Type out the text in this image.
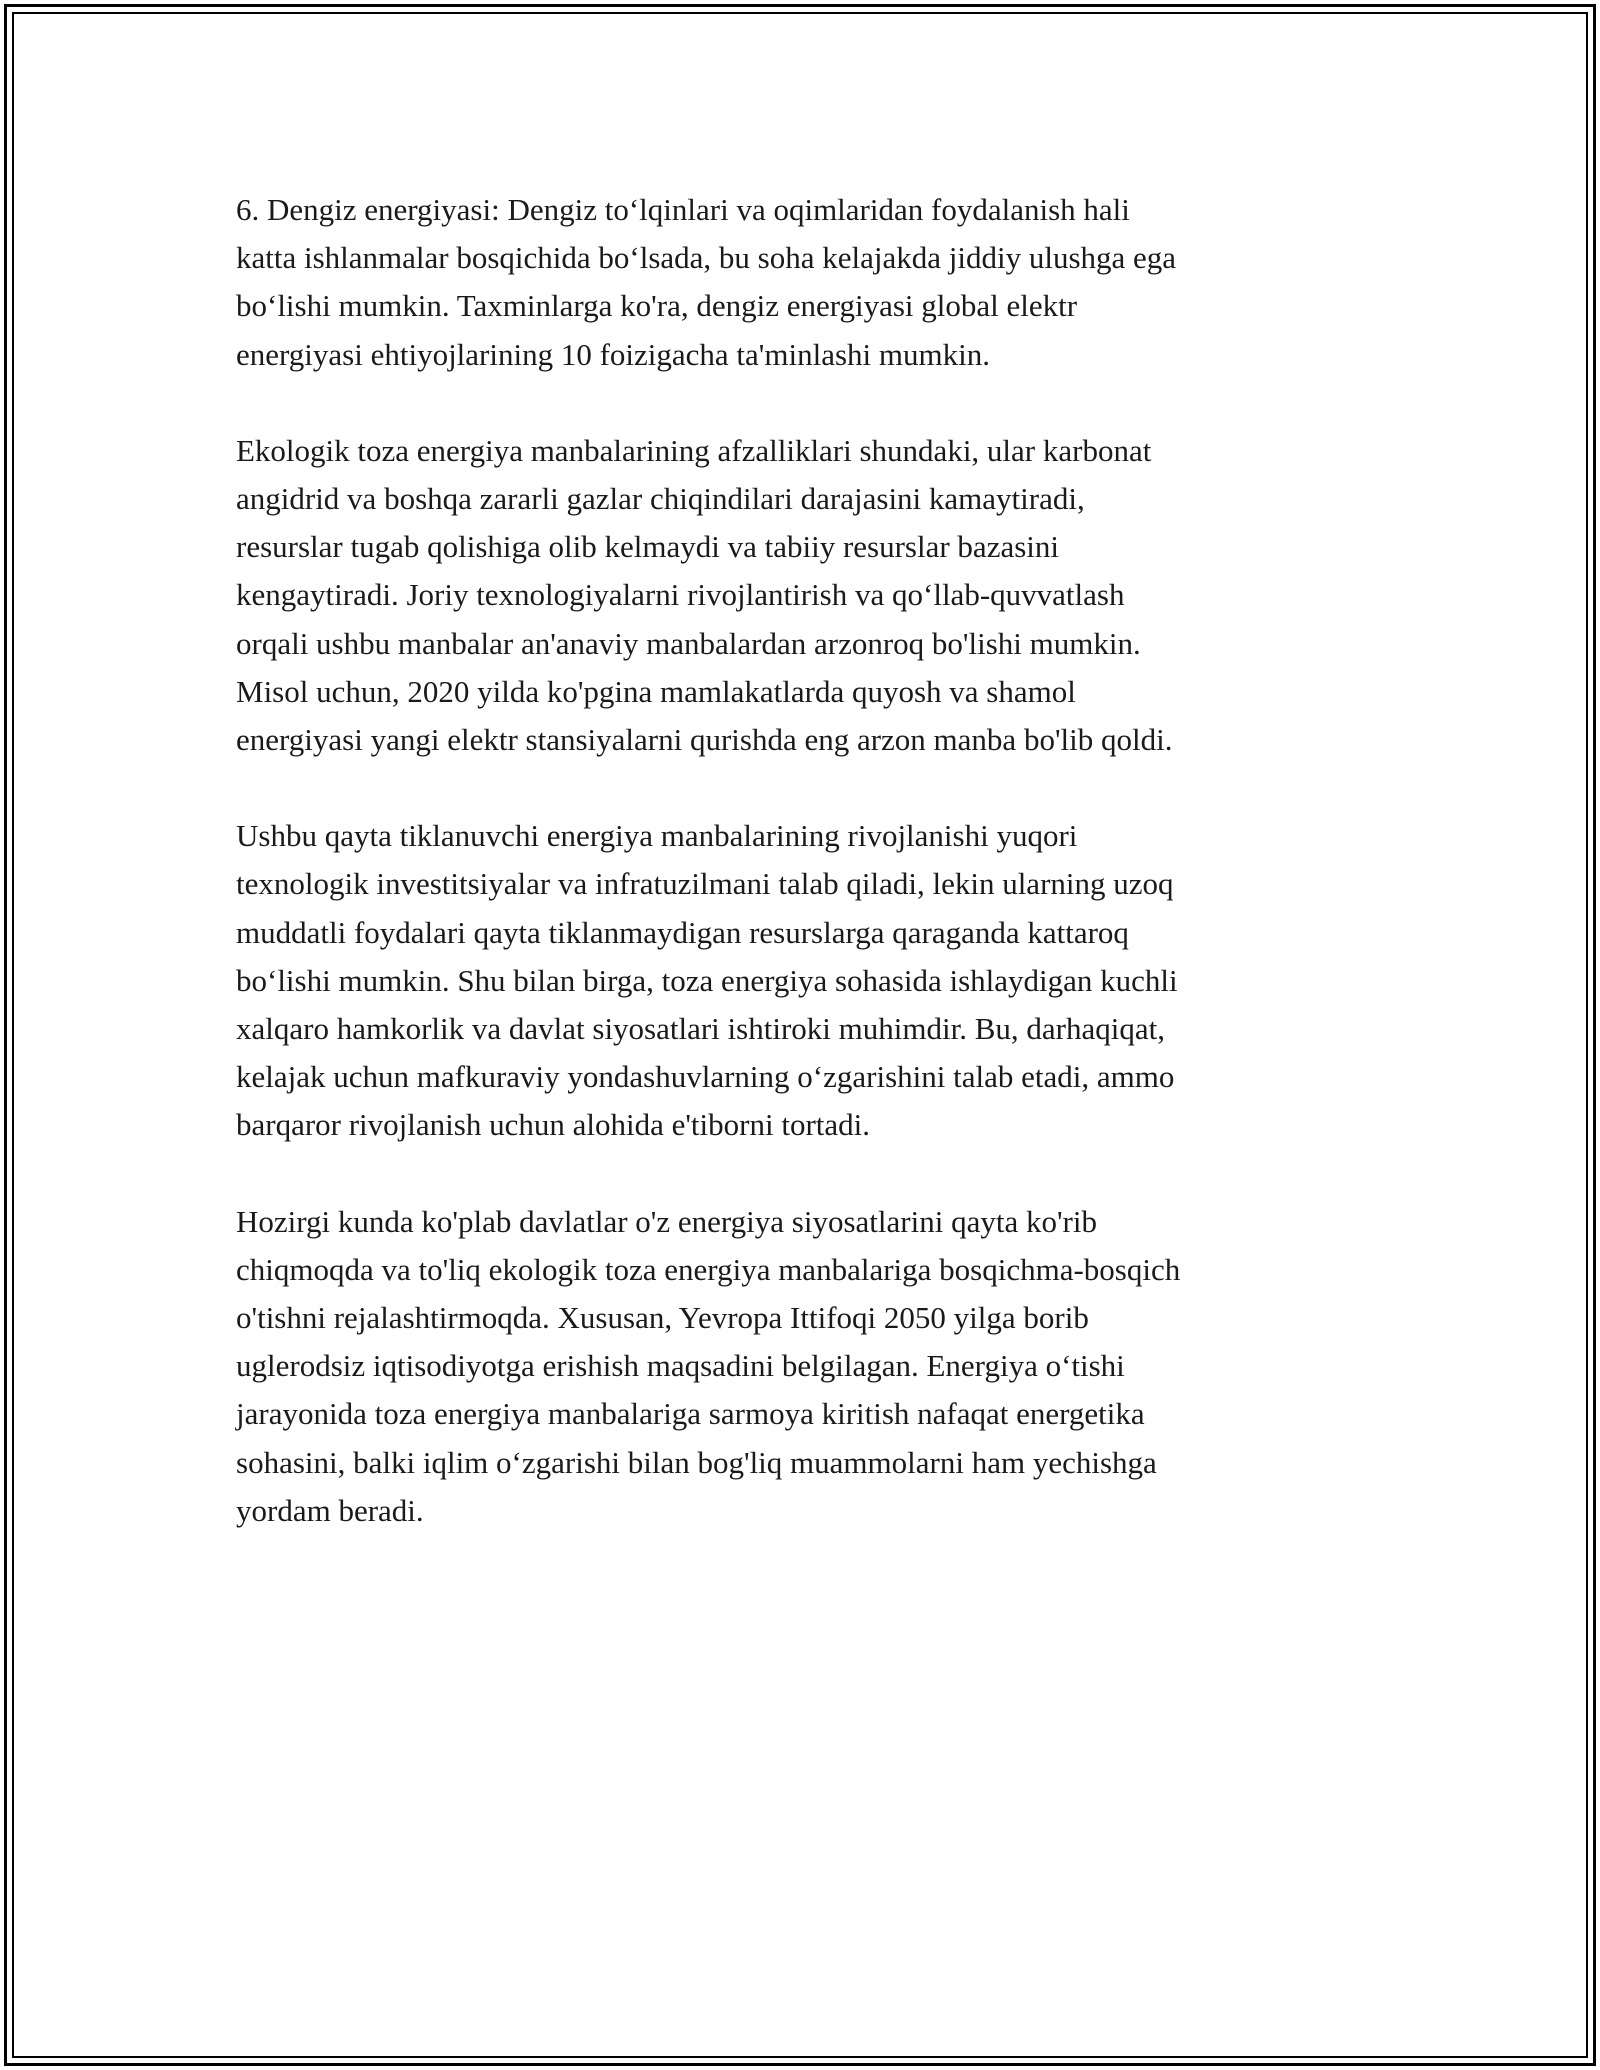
6. Dengiz energiyasi: Dengiz to‘lqinlari va oqimlaridan foydalanish hali
katta ishlanmalar bosqichida bo‘lsada, bu soha kelajakda jiddiy ulushga ega
bo‘lishi mumkin. Taxminlarga ko'ra, dengiz energiyasi global elektr
energiyasi ehtiyojlarining 10 foizigacha ta'minlashi mumkin.

Ekologik toza energiya manbalarining afzalliklari shundaki, ular karbonat
angidrid va boshqa zararli gazlar chiqindilari darajasini kamaytiradi,
resurslar tugab qolishiga olib kelmaydi va tabiiy resurslar bazasini
kengaytiradi. Joriy texnologiyalarni rivojlantirish va qo‘llab-quvvatlash
orqali ushbu manbalar an'anaviy manbalardan arzonroq bo'lishi mumkin.
Misol uchun, 2020 yilda ko'pgina mamlakatlarda quyosh va shamol
energiyasi yangi elektr stansiyalarni qurishda eng arzon manba bo'lib qoldi.

Ushbu qayta tiklanuvchi energiya manbalarining rivojlanishi yuqori
texnologik investitsiyalar va infratuzilmani talab qiladi, lekin ularning uzoq
muddatli foydalari qayta tiklanmaydigan resurslarga qaraganda kattaroq
bo‘lishi mumkin. Shu bilan birga, toza energiya sohasida ishlaydigan kuchli
xalqaro hamkorlik va davlat siyosatlari ishtiroki muhimdir. Bu, darhaqiqat,
kelajak uchun mafkuraviy yondashuvlarning o‘zgarishini talab etadi, ammo
barqaror rivojlanish uchun alohida e'tiborni tortadi.

Hozirgi kunda ko'plab davlatlar o'z energiya siyosatlarini qayta ko'rib
chiqmoqda va to'liq ekologik toza energiya manbalariga bosqichma-bosqich
o'tishni rejalashtirmoqda. Xususan, Yevropa Ittifoqi 2050 yilga borib
uglerodsiz iqtisodiyotga erishish maqsadini belgilagan. Energiya o‘tishi
jarayonida toza energiya manbalariga sarmoya kiritish nafaqat energetika
sohasini, balki iqlim o‘zgarishi bilan bog'liq muammolarni ham yechishga
yordam beradi.
